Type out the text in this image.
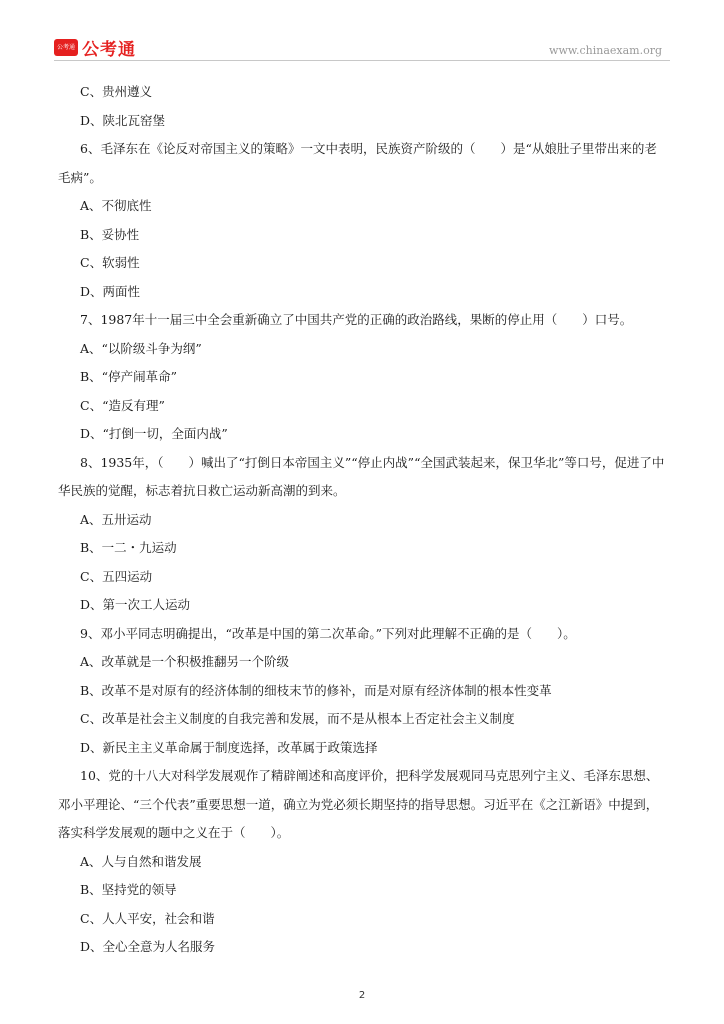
公考通 公考通	www.chinaexam.org
C、贵州遵义
D、陕北瓦窑堡
6、毛泽东在《论反对帝国主义的策略》一文中表明，民族资产阶级的（　　）是“从娘肚子里带出来的老
毛病”。
A、不彻底性
B、妥协性
C、软弱性
D、两面性
7、1987年十一届三中全会重新确立了中国共产党的正确的政治路线，果断的停止用（　　）口号。
A、“以阶级斗争为纲”
B、“停产闹革命”
C、“造反有理”
D、“打倒一切，全面内战”
8、1935年，（　　）喊出了“打倒日本帝国主义”“停止内战”“全国武装起来，保卫华北”等口号，促进了中
华民族的觉醒，标志着抗日救亡运动新高潮的到来。
A、五卅运动
B、一二・九运动
C、五四运动
D、第一次工人运动
9、邓小平同志明确提出，“改革是中国的第二次革命。”下列对此理解不正确的是（　　）。
A、改革就是一个积极推翻另一个阶级
B、改革不是对原有的经济体制的细枝末节的修补，而是对原有经济体制的根本性变革
C、改革是社会主义制度的自我完善和发展，而不是从根本上否定社会主义制度
D、新民主主义革命属于制度选择，改革属于政策选择
10、党的十八大对科学发展观作了精辟阐述和高度评价，把科学发展观同马克思列宁主义、毛泽东思想、
邓小平理论、“三个代表”重要思想一道，确立为党必须长期坚持的指导思想。习近平在《之江新语》中提到，
落实科学发展观的题中之义在于（　　）。
A、人与自然和谐发展
B、坚持党的领导
C、人人平安，社会和谐
D、全心全意为人名服务
2
